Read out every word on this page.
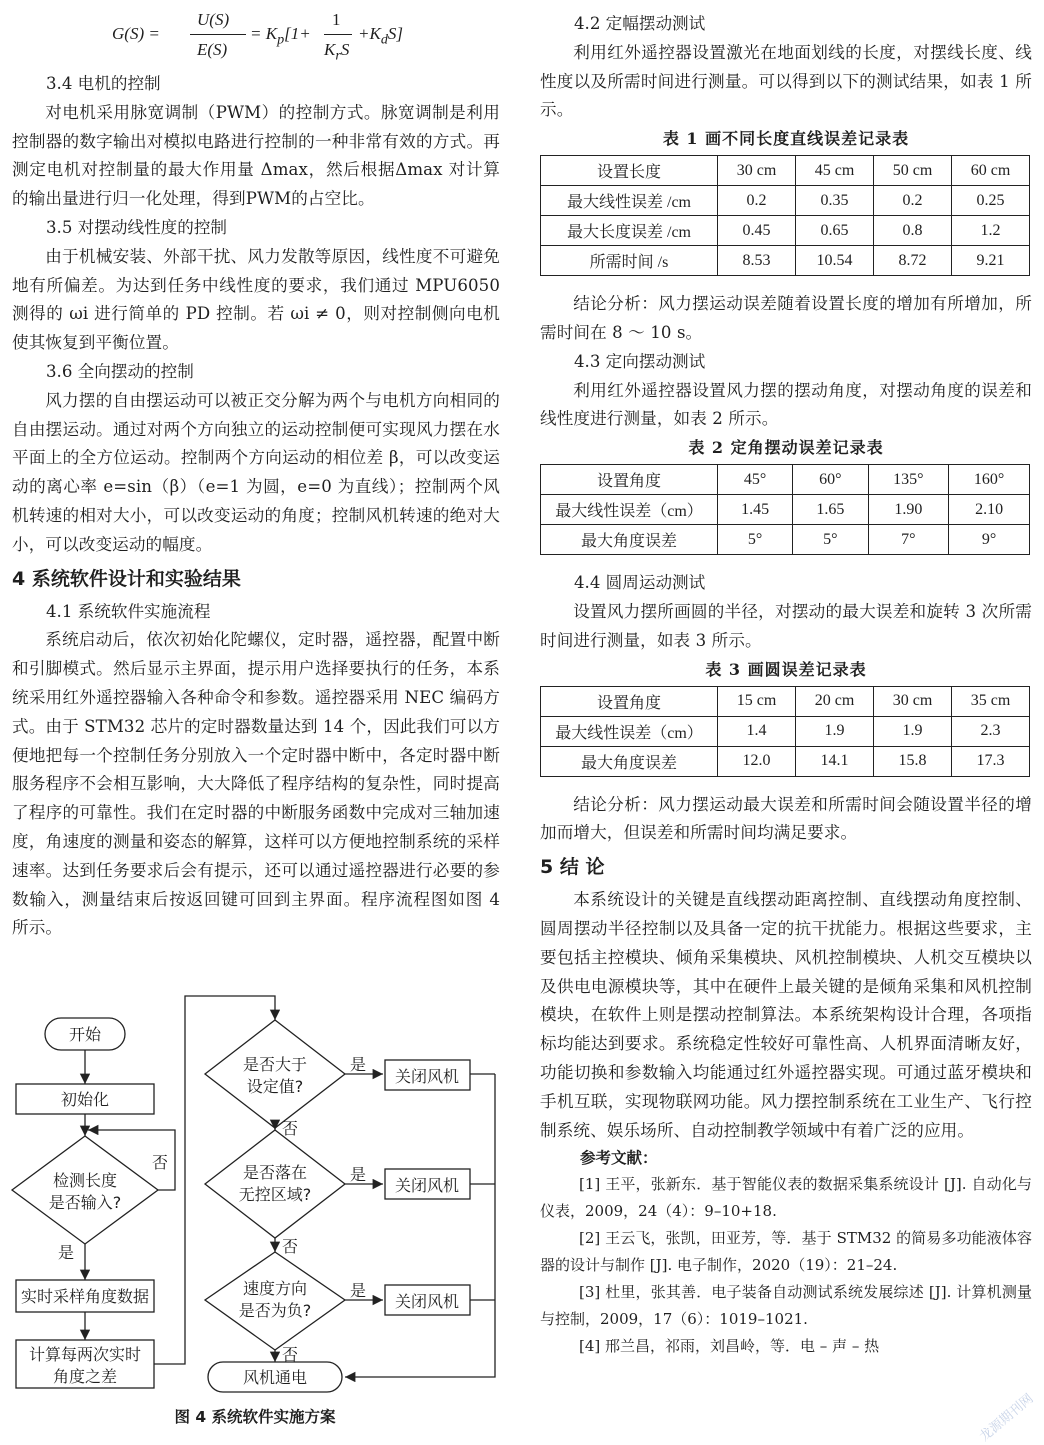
G(S) =
U(S)
E(S)
= $K_p[1+$
1
$K_rS$
$+K_dS$]

3.4 电机的控制

对电机采用脉宽调制（PWM）的控制方式。脉宽调制是利用控制器的数字输出对模拟电路进行控制的一种非常有效的方式。再测定电机对控制量的最大作用量 Δmax，然后根据Δmax 对计算的输出量进行归一化处理，得到PWM的占空比。

3.5 对摆动线性度的控制

由于机械安装、外部干扰、风力发散等原因，线性度不可避免地有所偏差。为达到任务中线性度的要求，我们通过 MPU6050 测得的 ωi 进行简单的 PD 控制。若 ωi ≠ 0，则对控制侧向电机使其恢复到平衡位置。

3.6 全向摆动的控制

风力摆的自由摆运动可以被正交分解为两个与电机方向相同的自由摆运动。通过对两个方向独立的运动控制便可实现风力摆在水平面上的全方位运动。控制两个方向运动的相位差 β，可以改变运动的离心率 e=sin（β）（e=1 为圆，e=0 为直线）；控制两个风机转速的相对大小，可以改变运动的角度；控制风机转速的绝对大小，可以改变运动的幅度。

4 系统软件设计和实验结果

4.1 系统软件实施流程

系统启动后，依次初始化陀螺仪，定时器，遥控器，配置中断和引脚模式。然后显示主界面，提示用户选择要执行的任务，本系统采用红外遥控器输入各种命令和参数。遥控器采用 NEC 编码方式。由于 STM32 芯片的定时器数量达到 14 个，因此我们可以方便地把每一个控制任务分别放入一个定时器中断中，各定时器中断服务程序不会相互影响，大大降低了程序结构的复杂性，同时提高了程序的可靠性。我们在定时器的中断服务函数中完成对三轴加速度，角速度的测量和姿态的解算，这样可以方便地控制系统的采样速率。达到任务要求后会有提示，还可以通过遥控器进行必要的参数输入，测量结束后按返回键可回到主界面。程序流程图如图 4 所示。

开始
初始化
检测长度
是否输入?
否
是
实时采样角度数据
计算每两次实时
角度之差
是否大于
设定值?
是
关闭风机
否
是否落在
无控区域?
是
关闭风机
否
速度方向
是否为负?
是
关闭风机
否
风机通电
图 4 系统软件实施方案

4.2 定幅摆动测试

利用红外遥控器设置激光在地面划线的长度，对摆线长度、线性度以及所需时间进行测量。可以得到以下的测试结果，如表 1 所示。

表 1 画不同长度直线误差记录表

设置长度	30 cm	45 cm	50 cm	60 cm
最大线性误差 /cm	0.2	0.35	0.2	0.25
最大长度误差 /cm	0.45	0.65	0.8	1.2
所需时间 /s	8.53	10.54	8.72	9.21

结论分析：风力摆运动误差随着设置长度的增加有所增加，所需时间在 8 ～ 10 s。

4.3 定向摆动测试

利用红外遥控器设置风力摆的摆动角度，对摆动角度的误差和线性度进行测量，如表 2 所示。

表 2 定角摆动误差记录表

设置角度	45°	60°	135°	160°
最大线性误差（cm）	1.45	1.65	1.90	2.10
最大角度误差	5°	5°	7°	9°

4.4 圆周运动测试

设置风力摆所画圆的半径，对摆动的最大误差和旋转 3 次所需时间进行测量，如表 3 所示。

表 3 画圆误差记录表

设置角度	15 cm	20 cm	30 cm	35 cm
最大线性误差（cm）	1.4	1.9	1.9	2.3
最大角度误差	12.0	14.1	15.8	17.3

结论分析：风力摆运动最大误差和所需时间会随设置半径的增加而增大，但误差和所需时间均满足要求。

5 结 论

本系统设计的关键是直线摆动距离控制、直线摆动角度控制、圆周摆动半径控制以及具备一定的抗干扰能力。根据这些要求，主要包括主控模块、倾角采集模块、风机控制模块、人机交互模块以及供电电源模块等，其中在硬件上最关键的是倾角采集和风机控制模块，在软件上则是摆动控制算法。本系统架构设计合理，各项指标均能达到要求。系统稳定性较好可靠性高、人机界面清晰友好，功能切换和参数输入均能通过红外遥控器实现。可通过蓝牙模块和手机互联，实现物联网功能。风力摆控制系统在工业生产、飞行控制系统、娱乐场所、自动控制教学领域中有着广泛的应用。

参考文献：

[1] 王平，张新东．基于智能仪表的数据采集系统设计 [J]. 自动化与仪表，2009，24（4）：9–10+18.

[2] 王云飞，张凯，田亚芳，等．基于 STM32 的简易多功能液体容器的设计与制作 [J]. 电子制作，2020（19）：21–24.

[3] 杜里，张其善．电子装备自动测试系统发展综述 [J]. 计算机测量与控制，2009，17（6）：1019–1021.

[4] 邢兰昌，祁雨，刘昌岭，等．电 – 声 – 热

龙源期刊网
